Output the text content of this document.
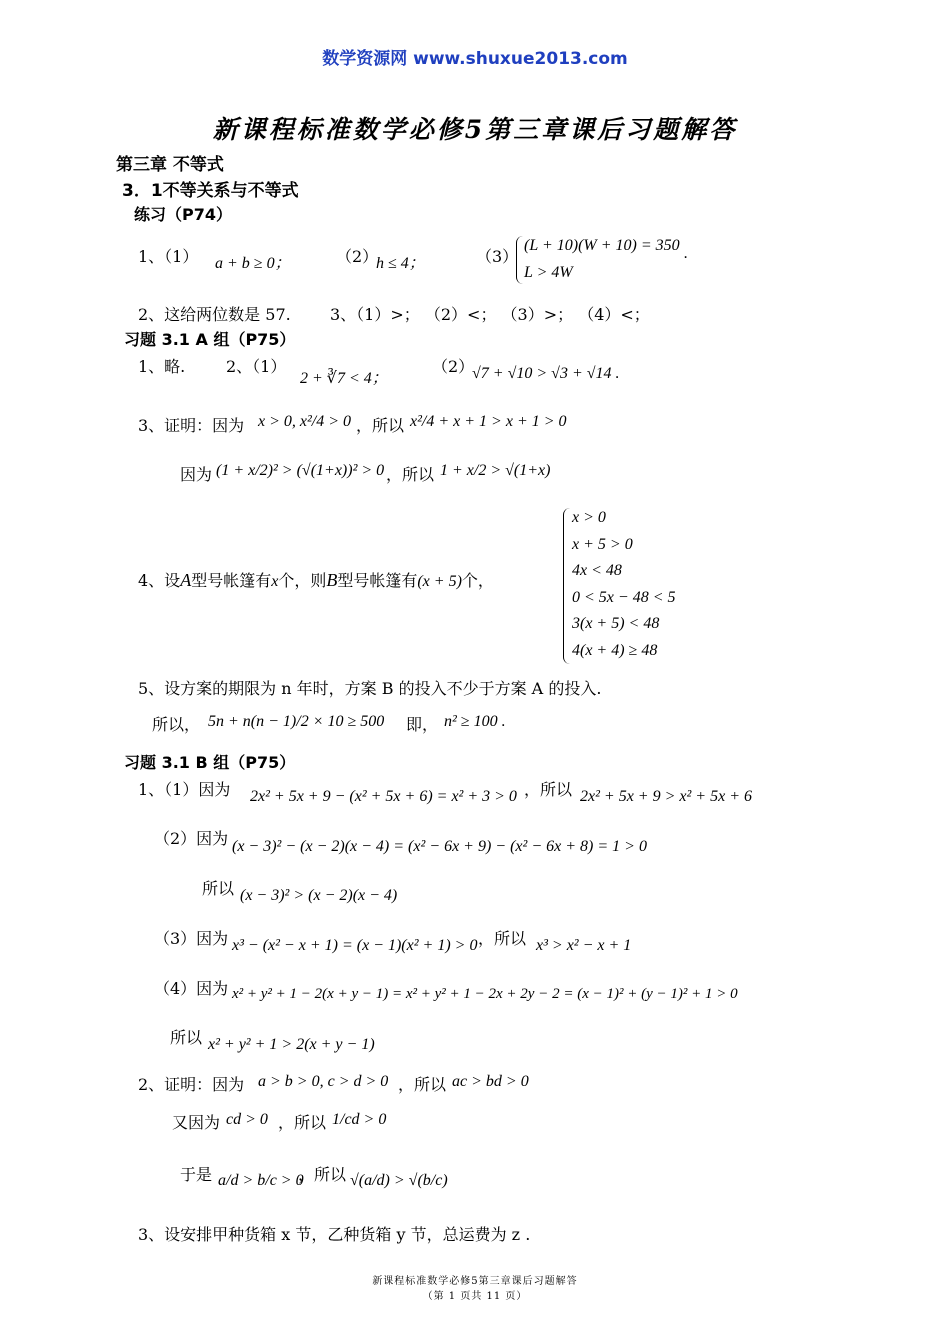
数学资源网 www.shuxue2013.com
新课程标准数学必修5第三章课后习题解答
第三章 不等式
3．1不等关系与不等式
练习（P74）
1、（1） a + b ≥ 0；	（2）
h ≤ 4；	（3）
(L + 10)(W + 10) = 350
L > 4W
.
2、这给两位数是 57. 3、（1）>； （2）<； （3）>； （4）<；
习题 3.1 A 组（P75）
1、略.	2、（1）
2 + ∛7 < 4；
（2）
√7 + √10 > √3 + √14 .
3、证明：因为 x > 0, x²/4 > 0 ，所以 x²/4 + x + 1 > x + 1 > 0
因为 (1 + x/2)² > (√(1+x))² > 0 ，所以 1 + x/2 > √(1+x)
4、设A型号帐篷有x个，则B型号帐篷有(x + 5)个，
x > 0
x + 5 > 0
4x < 48
0 < 5x − 48 < 5
3(x + 5) < 48
4(x + 4) ≥ 48
5、设方案的期限为 n 年时，方案 B 的投入不少于方案 A 的投入.
所以， 5n + n(n − 1)/2 × 10 ≥ 500 即， n² ≥ 100 .
习题 3.1 B 组（P75）
1、（1）因为 2x² + 5x + 9 − (x² + 5x + 6) = x² + 3 > 0 ，所以 2x² + 5x + 9 > x² + 5x + 6
（2）因为 (x − 3)² − (x − 2)(x − 4) = (x² − 6x + 9) − (x² − 6x + 8) = 1 > 0
所以 (x − 3)² > (x − 2)(x − 4)
（3）因为 x³ − (x² − x + 1) = (x − 1)(x² + 1) > 0 ，所以 x³ > x² − x + 1
（4）因为 x² + y² + 1 − 2(x + y − 1) = x² + y² + 1 − 2x + 2y − 2 = (x − 1)² + (y − 1)² + 1 > 0
所以 x² + y² + 1 > 2(x + y − 1)
2、证明：因为 a > b > 0, c > d > 0 ，所以 ac > bd > 0
又因为 cd > 0 ，所以 1/cd > 0
于是 a/d > b/c > 0
，所以 √(a/d) > √(b/c)
3、设安排甲种货箱 x 节，乙种货箱 y 节，总运费为 z .
新课程标准数学必修5第三章课后习题解答
（第 1 页共 11 页）
